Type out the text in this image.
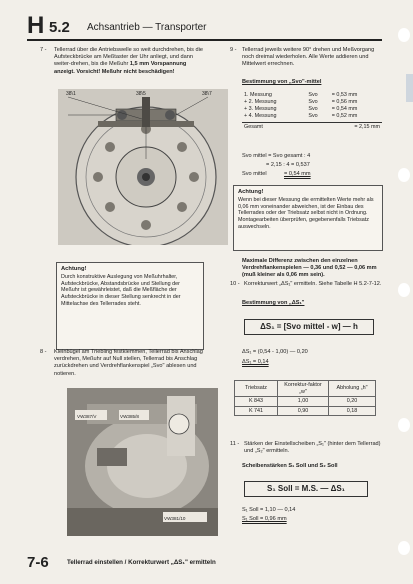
H 5.2 Achsantrieb — Transporter
7 -	Tellerrad über die Antriebswelle so weit durchdrehen, bis die Aufsteckbrücke am Meßtaster der Uhr anliegt, und dann weiter-drehen, bis die Meßuhr 1,5 mm Vorspannung anzeigt. Vorsicht! Meßuhr nicht beschädigen!
38\1	38\5	38\7
Achtung!
Durch konstruktive Auslegung von Meßuhrhalter, Aufsteckbrücke, Abstandsbrücke und Stellung der Meßuhr ist gewährleistet, daß die Meßfläche der Aufsteckbrücke in dieser Stellung senkrecht in der Mittelachse des Tellerrades steht.
8 -	Kleinbügel am Triebling festklemmen, Tellerrad bis Anschlag verdrehen, Meßuhr auf Null stellen, Tellerrad bis Anschlag zurückdrehen und Verdrehflankenspiel „Svo" ablesen und notieren.
VW387/V	VW385/8
VW381/10
9 - Tellerrad jeweils weitere 90° drehen und Meßvorgang noch dreimal wiederholen. Alle Werte addieren und Mittelwert errechnen.
Bestimmung von „Svo"-mittel
1. Messung	Svo	= 0,53 mm
+ 2. Messung	Svo	= 0,56 mm
+ 3. Messung	Svo	= 0,54 mm
+ 4. Messung	Svo	= 0,52 mm
Gesamt	= 2,15 mm
Svo mittel = Svo gesamt : 4
= 2,15 : 4 = 0,537
Svo mittel	= 0,54 mm
Achtung!
Wenn bei dieser Messung die ermittelten Werte mehr als 0,06 mm voneinander abweichen, ist der Einbau des Tellerrades oder der Triebsatz selbst nicht in Ordnung. Montagearbeiten überprüfen, gegebenenfalls Triebsatz auswechseln.
Maximale Differenz zwischen den einzelnen Verdrehflankenspielen — 0,36 und 0,52 — 0,06 mm (muß kleiner als 0,06 mm sein).
10 - Korrekturwert „ΔS₁" ermitteln. Siehe Tabelle H 5.2-7-12.
Bestimmung von „ΔS₁"
ΔS₁ = [Svo mittel - w] — h
ΔS₁ = (0,54 - 1,00) — 0,20
ΔS₁ = 0,14
Triebsatz	Korrektur-faktor „w"	Abholung „h"
K 843	1,00	0,20
K 741	0,90	0,18
11 - Stärken der Einstellscheiben „S₁" (hinter dem Tellerrad) und „S₂" ermitteln.
Scheibenstärken S₁ Soll und S₂ Soll
S₁ Soll = M.S. — ΔS₁
S₁ Soll = 1,10 — 0,14
S₁ Soll = 0,96 mm
7-6	Tellerrad einstellen / Korrekturwert „ΔS₁" ermitteln
